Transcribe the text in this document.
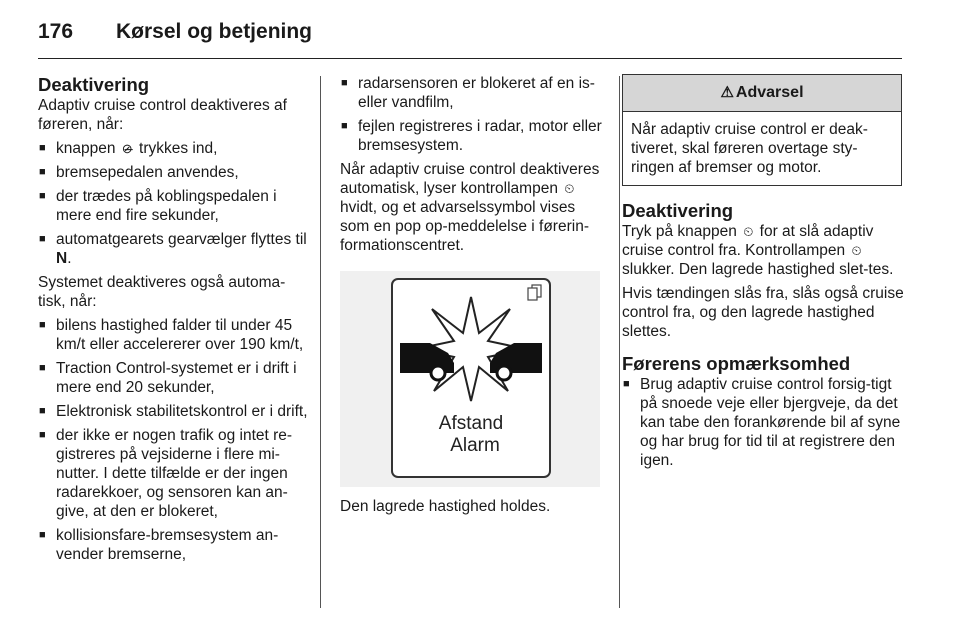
176 Kørsel og betjening
Deaktivering

Adaptiv cruise control deaktiveres af føreren, når:

■ knappen ⊘̶ trykkes ind,
■ bremsepedalen anvendes,
■ der trædes på koblingspedalen i mere end fire sekunder,
■ automatgearets gearvælger flyttes til N.

Systemet deaktiveres også automa-tisk, når:

■ bilens hastighed falder til under 45 km/t eller accelererer over 190 km/t,
■ Traction Control-systemet er i drift i mere end 20 sekunder,
■ Elektronisk stabilitetskontrol er i drift,
■ der ikke er nogen trafik og intet re-gistreres på vejsiderne i flere mi-nutter. I dette tilfælde er der ingen radarekkoer, og sensoren kan an-give, at den er blokeret,
■ kollisionsfare-bremsesystem an-vender bremserne,
■ radarsensoren er blokeret af en is- eller vandfilm,
■ fejlen registreres i radar, motor eller bremsesystem.

Når adaptiv cruise control deaktiveres automatisk, lyser kontrollampen ⏲ hvidt, og et advarselssymbol vises som en pop op-meddelelse i førerin-formationscentret.

Afstand
Alarm

Den lagrede hastighed holdes.

⚠ Advarsel
Når adaptiv cruise control er deak-tiveret, skal føreren overtage sty-ringen af bremser og motor.
Deaktivering

Tryk på knappen ⏲ for at slå adaptiv cruise control fra. Kontrollampen ⏲ slukker. Den lagrede hastighed slet-tes.

Hvis tændingen slås fra, slås også cruise control fra, og den lagrede hastighed slettes.

Førerens opmærksomhed
■ Brug adaptiv cruise control forsig-tigt på snoede veje eller bjergveje, da det kan tabe den forankørende bil af syne og har brug for tid til at registrere den igen.
